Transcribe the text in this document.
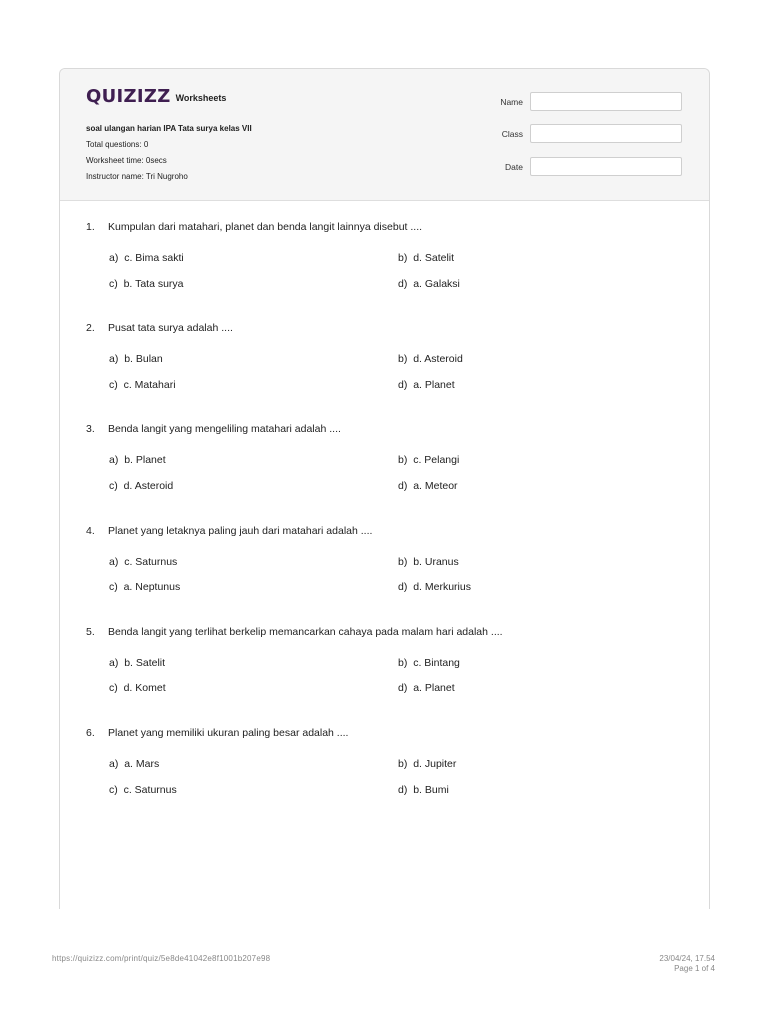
QUIZIZZ Worksheets
soal ulangan harian IPA Tata surya kelas VII
Total questions: 0
Worksheet time: 0secs
Instructor name: Tri Nugroho
Name
Class
Date
1. Kumpulan dari matahari, planet dan benda langit lainnya disebut ....
a) c. Bima sakti	b) d. Satelit
c) b. Tata surya	d) a. Galaksi
2. Pusat tata surya adalah ....
a) b. Bulan	b) d. Asteroid
c) c. Matahari	d) a. Planet
3. Benda langit yang mengeliling matahari adalah ....
a) b. Planet	b) c. Pelangi
c) d. Asteroid	d) a. Meteor
4. Planet yang letaknya paling jauh dari matahari adalah ....
a) c. Saturnus	b) b. Uranus
c) a. Neptunus	d) d. Merkurius
5. Benda langit yang terlihat berkelip memancarkan cahaya pada malam hari adalah ....
a) b. Satelit	b) c. Bintang
c) d. Komet	d) a. Planet
6. Planet yang memiliki ukuran paling besar adalah ....
a) a. Mars	b) d. Jupiter
c) c. Saturnus	d) b. Bumi
https://quizizz.com/print/quiz/5e8de41042e8f1001b207e98	23/04/24, 17.54
Page 1 of 4
